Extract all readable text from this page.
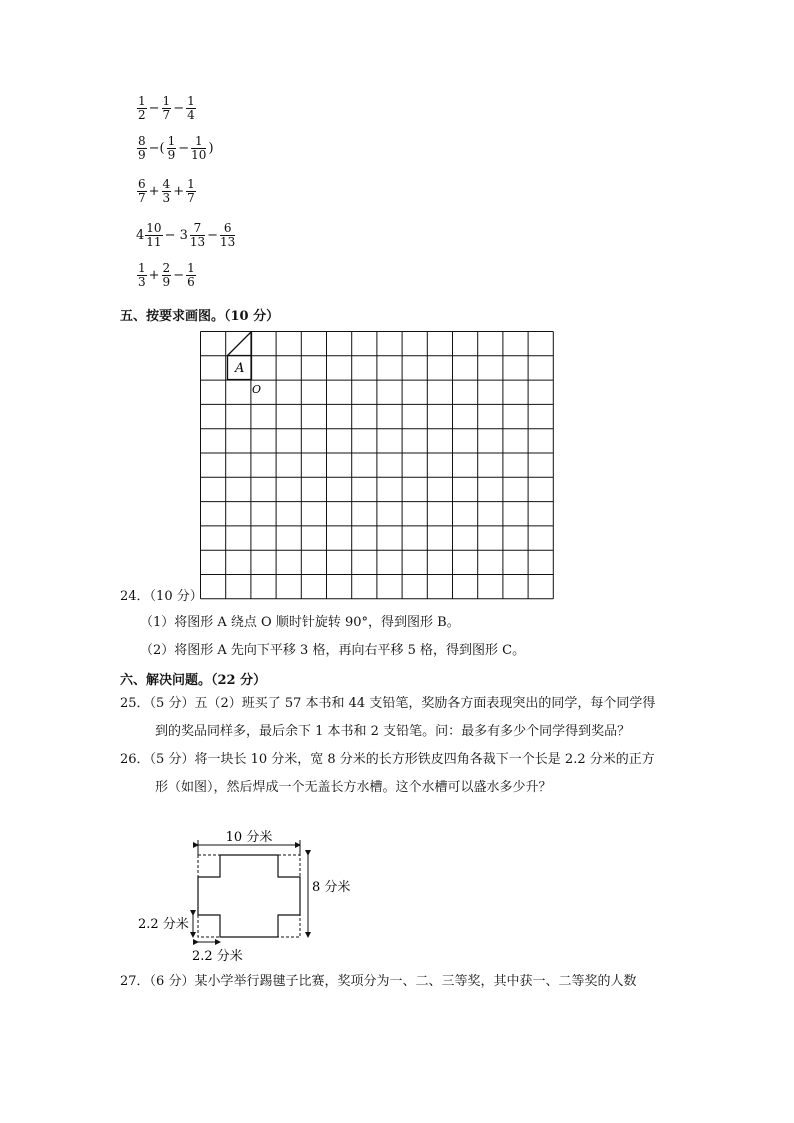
$\frac{1}{2} - \frac{1}{7} - \frac{1}{4}$
$\frac{8}{9}$ −( $\frac{1}{9} - \frac{1}{10}$ )
$\frac{6}{7} + \frac{4}{3} + \frac{1}{7}$
$4 \frac{10}{11} - 3 \frac{7}{13} - \frac{6}{13}$
$\frac{1}{3} + \frac{2}{9} - \frac{1}{6}$
五、按要求画图。（10 分）
A
O
24．（10 分）
（1）将图形 A 绕点 O 顺时针旋转 90°，得到图形 B。
（2）将图形 A 先向下平移 3 格，再向右平移 5 格，得到图形 C。
六、解决问题。（22 分）
25．（5 分）五（2）班买了 57 本书和 44 支铅笔，奖励各方面表现突出的同学，每个同学得
到的奖品同样多，最后余下 1 本书和 2 支铅笔。问：最多有多少个同学得到奖品？
26．（5 分）将一块长 10 分米，宽 8 分米的长方形铁皮四角各裁下一个长是 2.2 分米的正方
形（如图），然后焊成一个无盖长方水槽。这个水槽可以盛水多少升？
10 分米
8 分米
2.2 分米
2.2 分米
27．（6 分）某小学举行踢毽子比赛，奖项分为一、二、三等奖，其中获一、二等奖的人数
